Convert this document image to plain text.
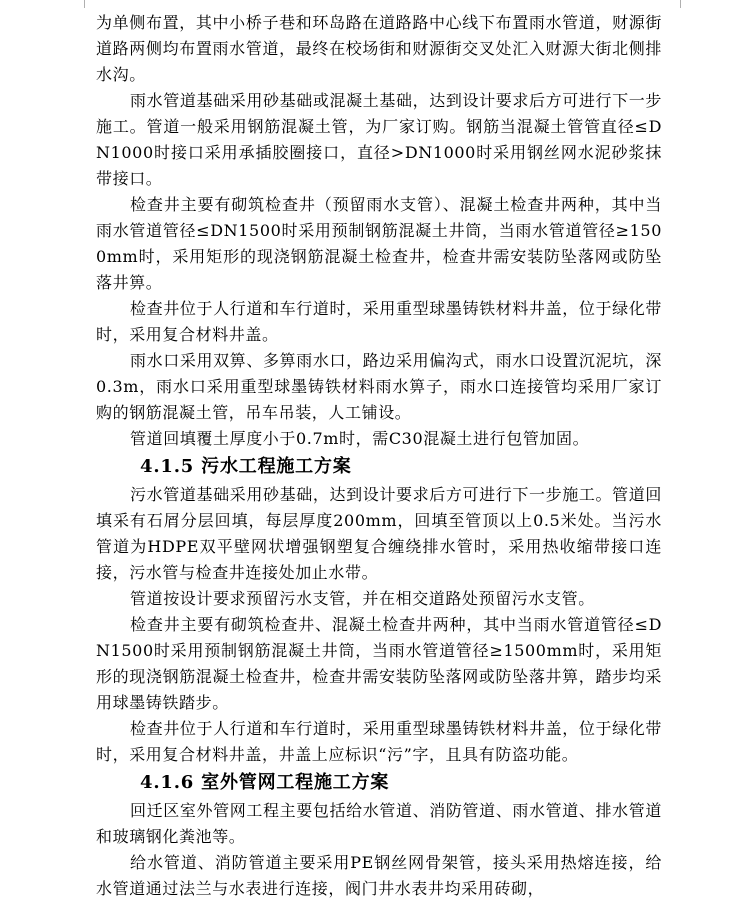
为单侧布置，其中小桥子巷和环岛路在道路路中心线下布置雨水管道，财源街道路两侧均布置雨水管道，最终在校场街和财源街交叉处汇入财源大街北侧排水沟。

雨水管道基础采用砂基础或混凝土基础，达到设计要求后方可进行下一步施工。管道一般采用钢筋混凝土管，为厂家订购。钢筋当混凝土管管直径≤DN1000时接口采用承插胶圈接口，直径>DN1000时采用钢丝网水泥砂浆抹带接口。

检查井主要有砌筑检查井（预留雨水支管）、混凝土检查井两种，其中当雨水管道管径≤DN1500时采用预制钢筋混凝土井筒，当雨水管道管径≥1500mm时，采用矩形的现浇钢筋混凝土检查井，检查井需安装防坠落网或防坠落井箅。

检查井位于人行道和车行道时，采用重型球墨铸铁材料井盖，位于绿化带时，采用复合材料井盖。

雨水口采用双箅、多箅雨水口，路边采用偏沟式，雨水口设置沉泥坑，深0.3m，雨水口采用重型球墨铸铁材料雨水箅子，雨水口连接管均采用厂家订购的钢筋混凝土管，吊车吊装，人工铺设。

管道回填覆土厚度小于0.7m时，需C30混凝土进行包管加固。

4.1.5 污水工程施工方案

污水管道基础采用砂基础，达到设计要求后方可进行下一步施工。管道回填采有石屑分层回填，每层厚度200mm，回填至管顶以上0.5米处。当污水管道为HDPE双平壁网状增强钢塑复合缠绕排水管时，采用热收缩带接口连接，污水管与检查井连接处加止水带。

管道按设计要求预留污水支管，并在相交道路处预留污水支管。

检查井主要有砌筑检查井、混凝土检查井两种，其中当雨水管道管径≤DN1500时采用预制钢筋混凝土井筒，当雨水管道管径≥1500mm时，采用矩形的现浇钢筋混凝土检查井，检查井需安装防坠落网或防坠落井箅，踏步均采用球墨铸铁踏步。

检查井位于人行道和车行道时，采用重型球墨铸铁材料井盖，位于绿化带时，采用复合材料井盖，井盖上应标识“污”字，且具有防盗功能。

4.1.6 室外管网工程施工方案

回迁区室外管网工程主要包括给水管道、消防管道、雨水管道、排水管道和玻璃钢化粪池等。

给水管道、消防管道主要采用PE钢丝网骨架管，接头采用热熔连接，给水管道通过法兰与水表进行连接，阀门井水表井均采用砖砌，
